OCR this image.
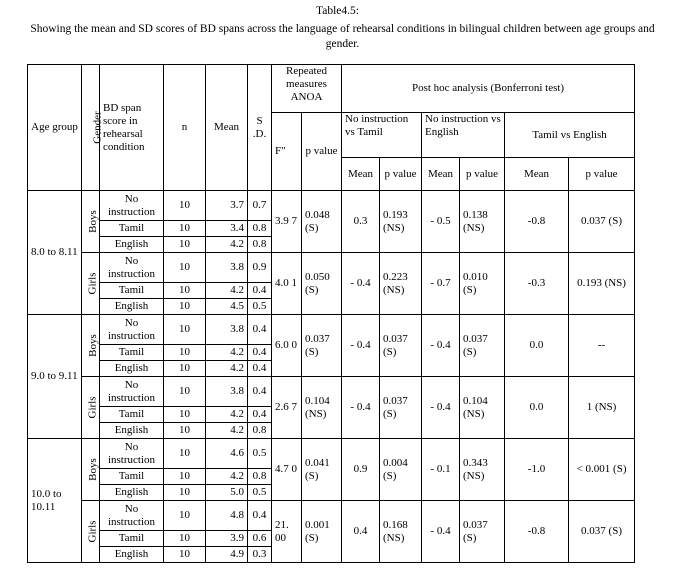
Table4.5:
Showing the mean and SD scores of BD spans across the language of rehearsal conditions in bilingual children between age groups and gender.
Age group	Gender	BD span score in rehearsal condition	n	Mean	S .D.	Repeated measures ANOA		Post hoc analysis (Bonferroni test)					
						F"	p value	No instruction vs Tamil		No instruction vs English		Tamil vs English	
								Mean	p value	Mean	p value	Mean	p value
8.0 to 8.11	Boys	No instruction	10	3.7	0.7	3.9 7	0.048 (S)	0.3	0.193 (NS)	- 0.5	0.138 (NS)	-0.8	0.037 (S)
		Tamil	10	3.4	0.8								
		English	10	4.2	0.8								
	Girls	No instruction	10	3.8	0.9	4.0 1	0.050 (S)	- 0.4	0.223 (NS)	- 0.7	0.010 (S)	-0.3	0.193 (NS)
		Tamil	10	4.2	0.4								
		English	10	4.5	0.5								
9.0 to 9.11	Boys	No instruction	10	3.8	0.4	6.0 0	0.037 (S)	- 0.4	0.037 (S)	- 0.4	0.037 (S)	0.0	--
		Tamil	10	4.2	0.4								
		English	10	4.2	0.4								
	Girls	No instruction	10	3.8	0.4	2.6 7	0.104 (NS)	- 0.4	0.037 (S)	- 0.4	0.104 (NS)	0.0	1 (NS)
		Tamil	10	4.2	0.4								
		English	10	4.2	0.8								
10.0 to 10.11	Boys	No instruction	10	4.6	0.5	4.7 0	0.041 (S)	0.9	0.004 (S)	- 0.1	0.343 (NS)	-1.0	< 0.001 (S)
		Tamil	10	4.2	0.8								
		English	10	5.0	0.5								
	Girls	No instruction	10	4.8	0.4	21. 00	0.001 (S)	0.4	0.168 (NS)	- 0.4	0.037 (S)	-0.8	0.037 (S)
		Tamil	10	3.9	0.6								
		English	10	4.9	0.3								
